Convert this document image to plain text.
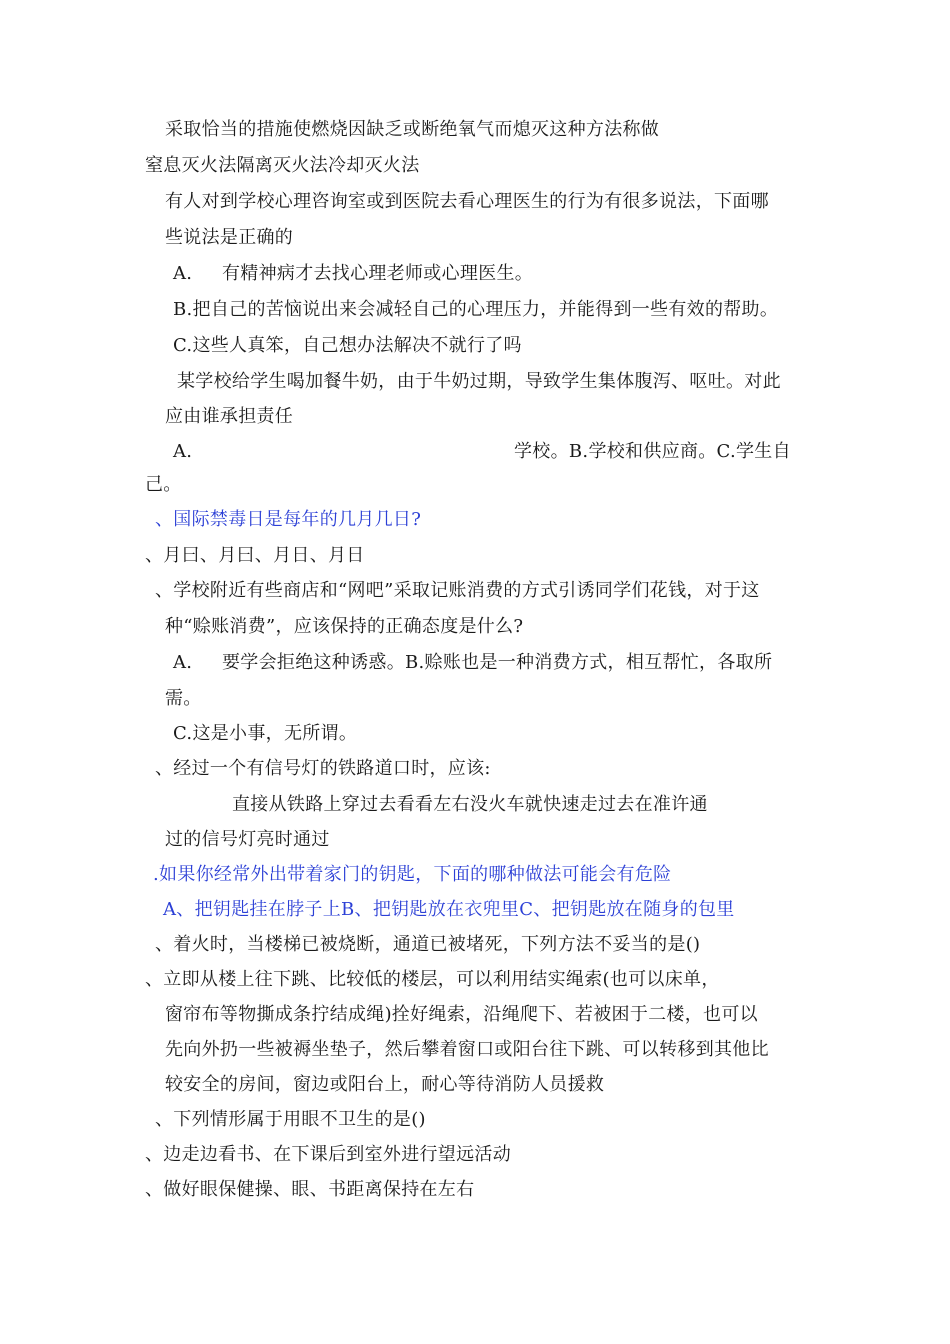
采取恰当的措施使燃烧因缺乏或断绝氧气而熄灭这种方法称做
窒息灭火法隔离灭火法冷却灭火法
有人对到学校心理咨询室或到医院去看心理医生的行为有很多说法，下面哪
些说法是正确的
A. 有精神病才去找心理老师或心理医生。
B.把自己的苦恼说出来会减轻自己的心理压力，并能得到一些有效的帮助。
C.这些人真笨，自己想办法解决不就行了吗
某学校给学生喝加餐牛奶，由于牛奶过期，导致学生集体腹泻、呕吐。对此
应由谁承担责任
A.	学校。B.学校和供应商。C.学生自
己。
、国际禁毒日是每年的几月几日?
、月曰、月曰、月日、月日
、学校附近有些商店和“网吧”采取记账消费的方式引诱同学们花钱，对于这
种“赊账消费”，应该保持的正确态度是什么?
A. 要学会拒绝这种诱惑。B.赊账也是一种消费方式，相互帮忙，各取所
需。
C.这是小事，无所谓。
、经过一个有信号灯的铁路道口时，应该:
直接从铁路上穿过去看看左右没火车就快速走过去在准许通
过的信号灯亮时通过
.如果你经常外出带着家门的钥匙，下面的哪种做法可能会有危险
A、把钥匙挂在脖子上B、把钥匙放在衣兜里C、把钥匙放在随身的包里
、着火时，当楼梯已被烧断，通道已被堵死，下列方法不妥当的是()
、立即从楼上往下跳、比较低的楼层，可以利用结实绳索(也可以床单，
窗帘布等物撕成条拧结成绳)拴好绳索，沿绳爬下、若被困于二楼，也可以
先向外扔一些被褥坐垫子，然后攀着窗口或阳台往下跳、可以转移到其他比
较安全的房间，窗边或阳台上，耐心等待消防人员援救
、下列情形属于用眼不卫生的是()
、边走边看书、在下课后到室外进行望远活动
、做好眼保健操、眼、书距离保持在左右
